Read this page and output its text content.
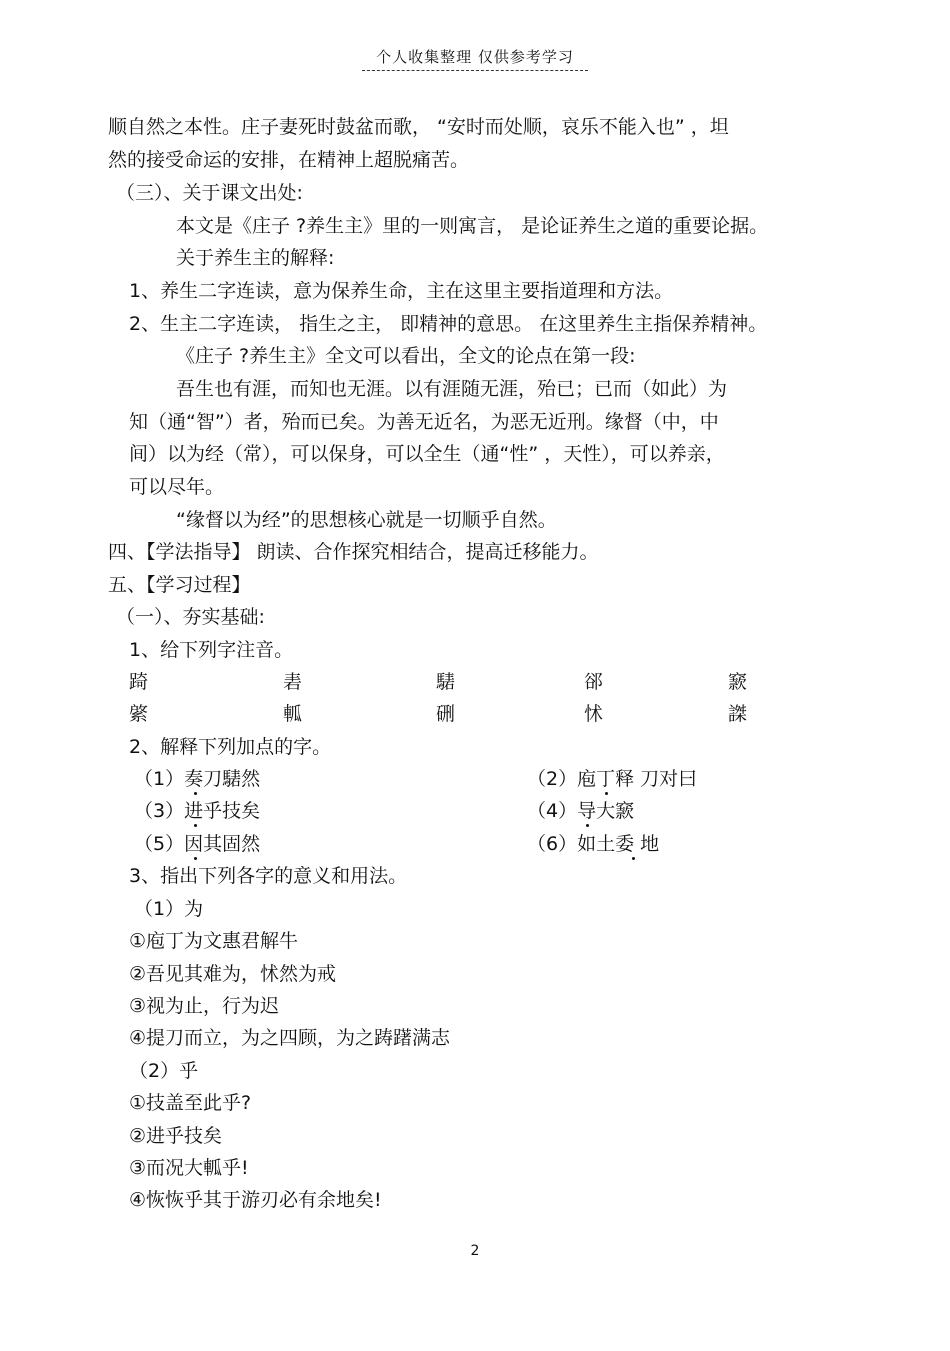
个人收集整理 仅供参考学习
顺自然之本性。庄子妻死时鼓盆而歌， “安时而处顺，哀乐不能入也” ，坦
然的接受命运的安排，在精神上超脱痛苦。
（三）、关于课文出处:
本文是《庄子 ?养生主》里的一则寓言， 是论证养生之道的重要论据。
关于养生主的解释:
1、养生二字连读，意为保养生命，主在这里主要指道理和方法。
2、生主二字连读， 指生之主， 即精神的意思。 在这里养生主指保养精神。
《庄子 ?养生主》全文可以看出，全文的论点在第一段:
吾生也有涯，而知也无涯。以有涯随无涯，殆已；已而（如此）为
知（通“智”）者，殆而已矣。为善无近名，为恶无近刑。缘督（中，中
间）以为经（常），可以保身，可以全生（通“性” ，天性），可以养亲，
可以尽年。
“缘督以为经”的思想核心就是一切顺乎自然。
四、【学法指导】 朗读、合作探究相结合，提高迁移能力。
五、【学习过程】
（一）、夯实基础:
1、给下列字注音。
踦	砉	騞	郤	窾
綮	軱	硎	怵	謋
2、解释下列加点的字。
（1）奏刀騞然	（2）庖丁释 刀对曰
（3）进乎技矣	（4）导大窾
（5）因其固然	（6）如土委 地
3、指出下列各字的意义和用法。
（1）为
①庖丁为文惠君解牛
②吾见其难为，怵然为戒
③视为止，行为迟
④提刀而立，为之四顾，为之踌躇满志
（2）乎
①技盖至此乎?
②进乎技矣
③而况大軱乎!
④恢恢乎其于游刃必有余地矣!
2
